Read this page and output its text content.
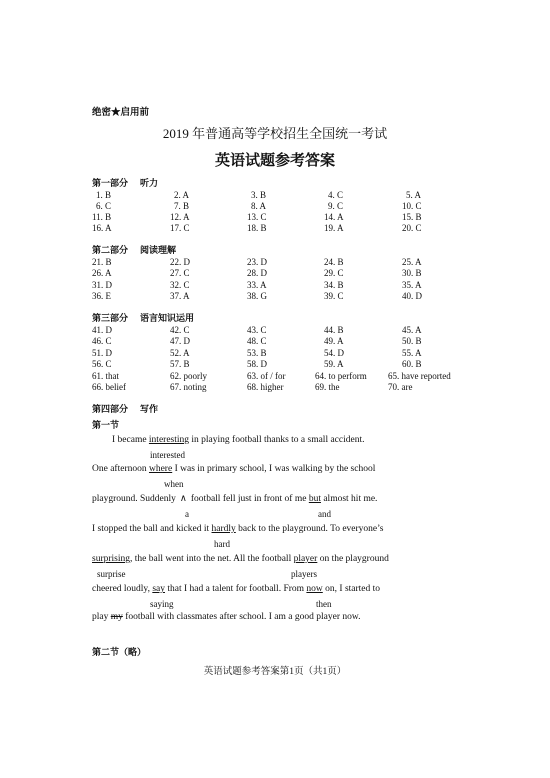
绝密★启用前
2019 年普通高等学校招生全国统一考试
英语试题参考答案
第一部分 听力
1. B	2. A	3. B	4. C	5. A
6. C	7. B	8. A	9. C	10. C
11. B	12. A	13. C	14. A	15. B
16. A	17. C	18. B	19. A	20. C
第二部分 阅读理解
21. B	22. D	23. D	24. B	25. A
26. A	27. C	28. D	29. C	30. B
31. D	32. C	33. A	34. B	35. A
36. E	37. A	38. G	39. C	40. D
第三部分 语言知识运用
41. D	42. C	43. C	44. B	45. A
46. C	47. D	48. C	49. A	50. B
51. D	52. A	53. B	54. D	55. A
56. C	57. B	58. D	59. A	60. B
61. that	62. poorly	63. of / for	64. to perform	65. have reported
66. belief	67. noting	68. higher	69. the	70. are
第四部分 写作
第一节
I became interesting in playing football thanks to a small accident.
interested
One afternoon where I was in primary school, I was walking by the school
when
playground. Suddenly ∧ football fell just in front of me but almost hit me.
a	and
I stopped the ball and kicked it hardly back to the playground. To everyone’s
hard
surprising, the ball went into the net. All the football player on the playground
surprise	players
cheered loudly, say that I had a talent for football. From now on, I started to
saying	then
play my football with classmates after school. I am a good player now.
第二节（略）
英语试题参考答案第1页（共1页）
